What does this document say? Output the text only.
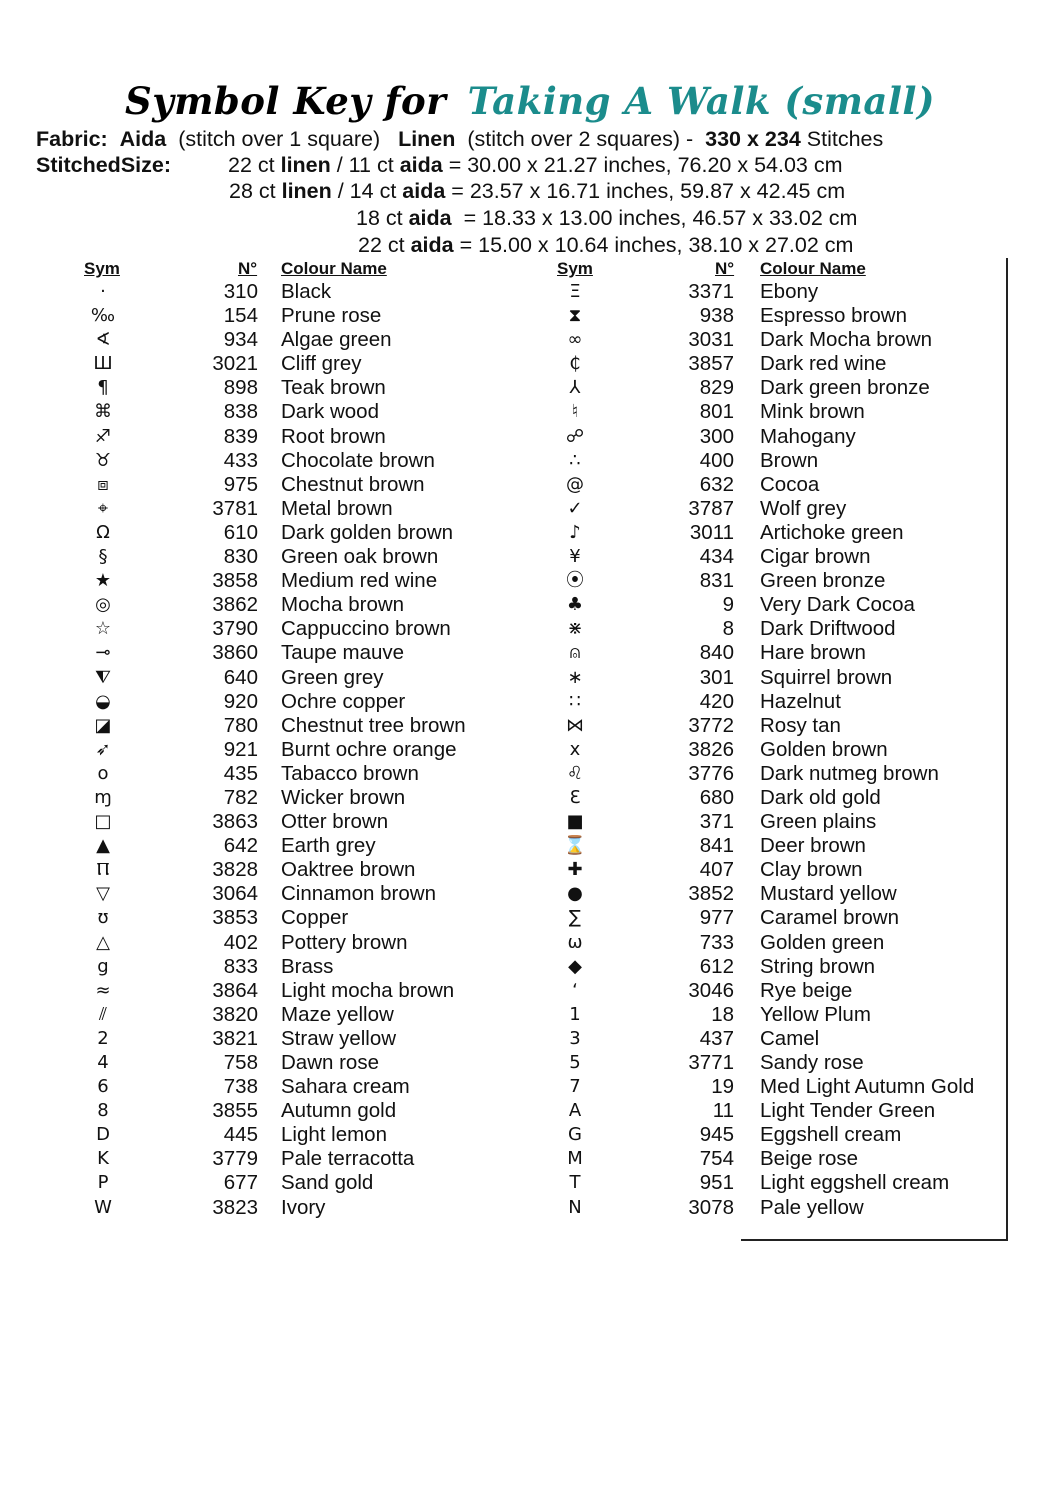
Symbol Key for Taking A Walk (small)
Fabric: Aida (stitch over 1 square) Linen (stitch over 2 squares) - 330 x 234 Stitches
StitchedSize:	22 ct linen / 11 ct aida = 30.00 x 21.27 inches, 76.20 x 54.03 cm
28 ct linen / 14 ct aida = 23.57 x 16.71 inches, 59.87 x 42.45 cm
18 ct aida  = 18.33 x 13.00 inches, 46.57 x 33.02 cm
22 ct aida = 15.00 x 10.64 inches, 38.10 x 27.02 cm
Sym	N° Colour Name	Sym	N° Colour Name
·	310 Black
‰	154 Prune rose
∢	934 Algae green
Ш	3021 Cliff grey
¶	898 Teak brown
⌘	838 Dark wood
♐	839 Root brown
♉	433 Chocolate brown
⧈	975 Chestnut brown
⌖	3781 Metal brown
Ω	610 Dark golden brown
§	830 Green oak brown
★	3858 Medium red wine
◎	3862 Mocha brown
☆	3790 Cappuccino brown
⊸	3860 Taupe mauve
⧨	640 Green grey
◒	920 Ochre copper
◪	780 Chestnut tree brown
➶	921 Burnt ochre orange
o	435 Tabacco brown
ɱ	782 Wicker brown
□	3863 Otter brown
▲	642 Earth grey
Ⲡ	3828 Oaktree brown
▽	3064 Cinnamon brown
ʊ	3853 Copper
△	402 Pottery brown
g	833 Brass
≈	3864 Light mocha brown
⫽	3820 Maze yellow
2	3821 Straw yellow
4	758 Dawn rose
6	738 Sahara cream
8	3855 Autumn gold
D	445 Light lemon
K	3779 Pale terracotta
P	677 Sand gold
W	3823 Ivory
Ξ	3371 Ebony
⧗	938 Espresso brown
∞	3031 Dark Mocha brown
₵	3857 Dark red wine
⅄	829 Dark green bronze
♮	801 Mink brown
☍	300 Mahogany
∴	400 Brown
@	632 Cocoa
✓	3787 Wolf grey
♪	3011 Artichoke green
¥	434 Cigar brown
⦿	831 Green bronze
♣	9 Very Dark Cocoa
⋇	8 Dark Driftwood
⍝	840 Hare brown
∗	301 Squirrel brown
∷	420 Hazelnut
⋈	3772 Rosy tan
x	3826 Golden brown
♌	3776 Dark nutmeg brown
Ɛ	680 Dark old gold
■	371 Green plains
⌛	841 Deer brown
✚	407 Clay brown
●	3852 Mustard yellow
∑	977 Caramel brown
ω	733 Golden green
◆	612 String brown
ʻ	3046 Rye beige
1	18 Yellow Plum
3	437 Camel
5	3771 Sandy rose
7	19 Med Light Autumn Gold
A	11 Light Tender Green
G	945 Eggshell cream
M	754 Beige rose
T	951 Light eggshell cream
N	3078 Pale yellow
